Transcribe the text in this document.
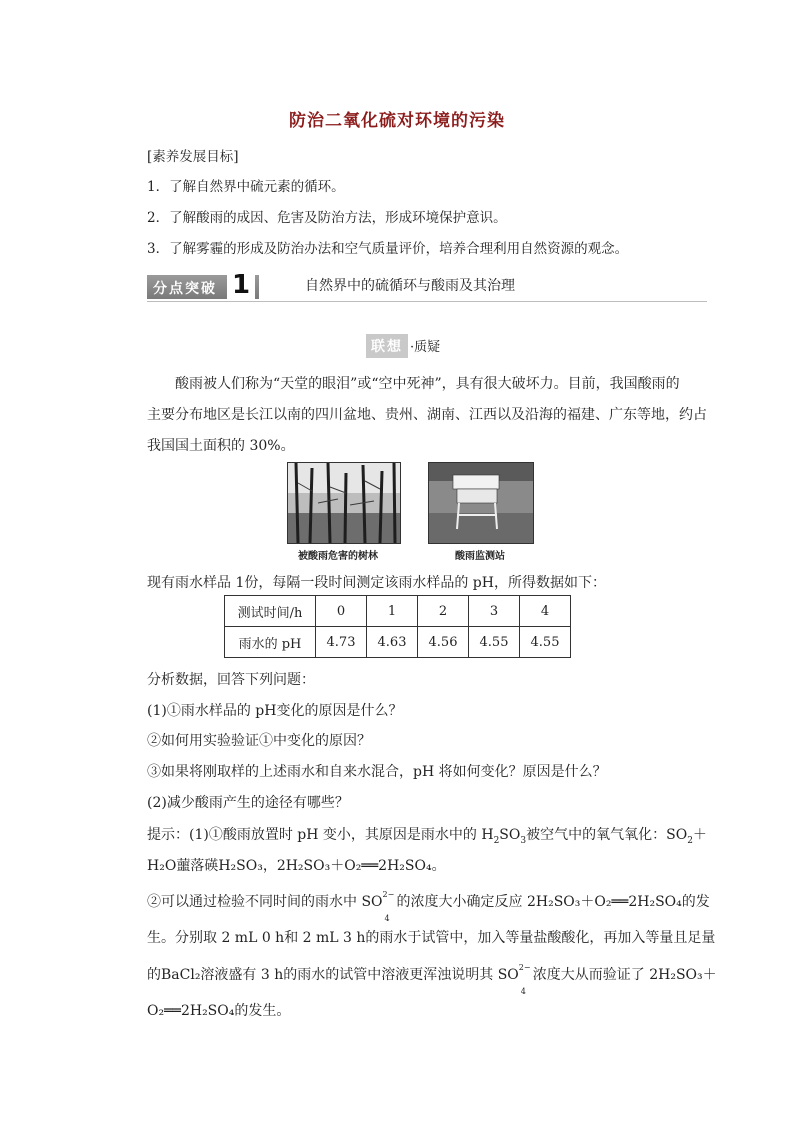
防治二氧化硫对环境的污染
[素养发展目标]
1．了解自然界中硫元素的循环。
2．了解酸雨的成因、危害及防治方法，形成环境保护意识。
3．了解雾霾的形成及防治办法和空气质量评价，培养合理利用自然资源的观念。
分点突破 1	自然界中的硫循环与酸雨及其治理
联想 ·质疑
酸雨被人们称为“天堂的眼泪”或“空中死神”，具有很大破坏力。目前，我国酸雨的
主要分布地区是长江以南的四川盆地、贵州、湖南、江西以及沿海的福建、广东等地，约占
我国国土面积的 30%。
被酸雨危害的树林	酸雨监测站
现有雨水样品 1份，每隔一段时间测定该雨水样品的 pH，所得数据如下：
测试时间/h	0	1	2	3	4
雨水的 pH	4.73	4.63	4.56	4.55	4.55
分析数据，回答下列问题：
(1)①雨水样品的 pH变化的原因是什么？
②如何用实验验证①中变化的原因？
③如果将刚取样的上述雨水和自来水混合，pH 将如何变化？原因是什么？
(2)减少酸雨产生的途径有哪些？
提示：(1)①酸雨放置时 pH 变小，其原因是雨水中的 $H_2SO_3$被空气中的氧气氧化：$SO_2+$
H₂O蘁落碤H₂SO₃，2H₂SO₃＋O₂══2H₂SO₄。
②可以通过检验不同时间的雨水中 SO 2−
4
的浓度大小确定反应 2H₂SO₃＋O₂══2H₂SO₄的发
生。分别取 2 mL 0 h和 2 mL 3 h的雨水于试管中，加入等量盐酸酸化，再加入等量且足量
的BaCl₂溶液盛有 3 h的雨水的试管中溶液更浑浊说明其 SO 2−
4
浓度大从而验证了 2H₂SO₃＋
O₂══2H₂SO₄的发生。
